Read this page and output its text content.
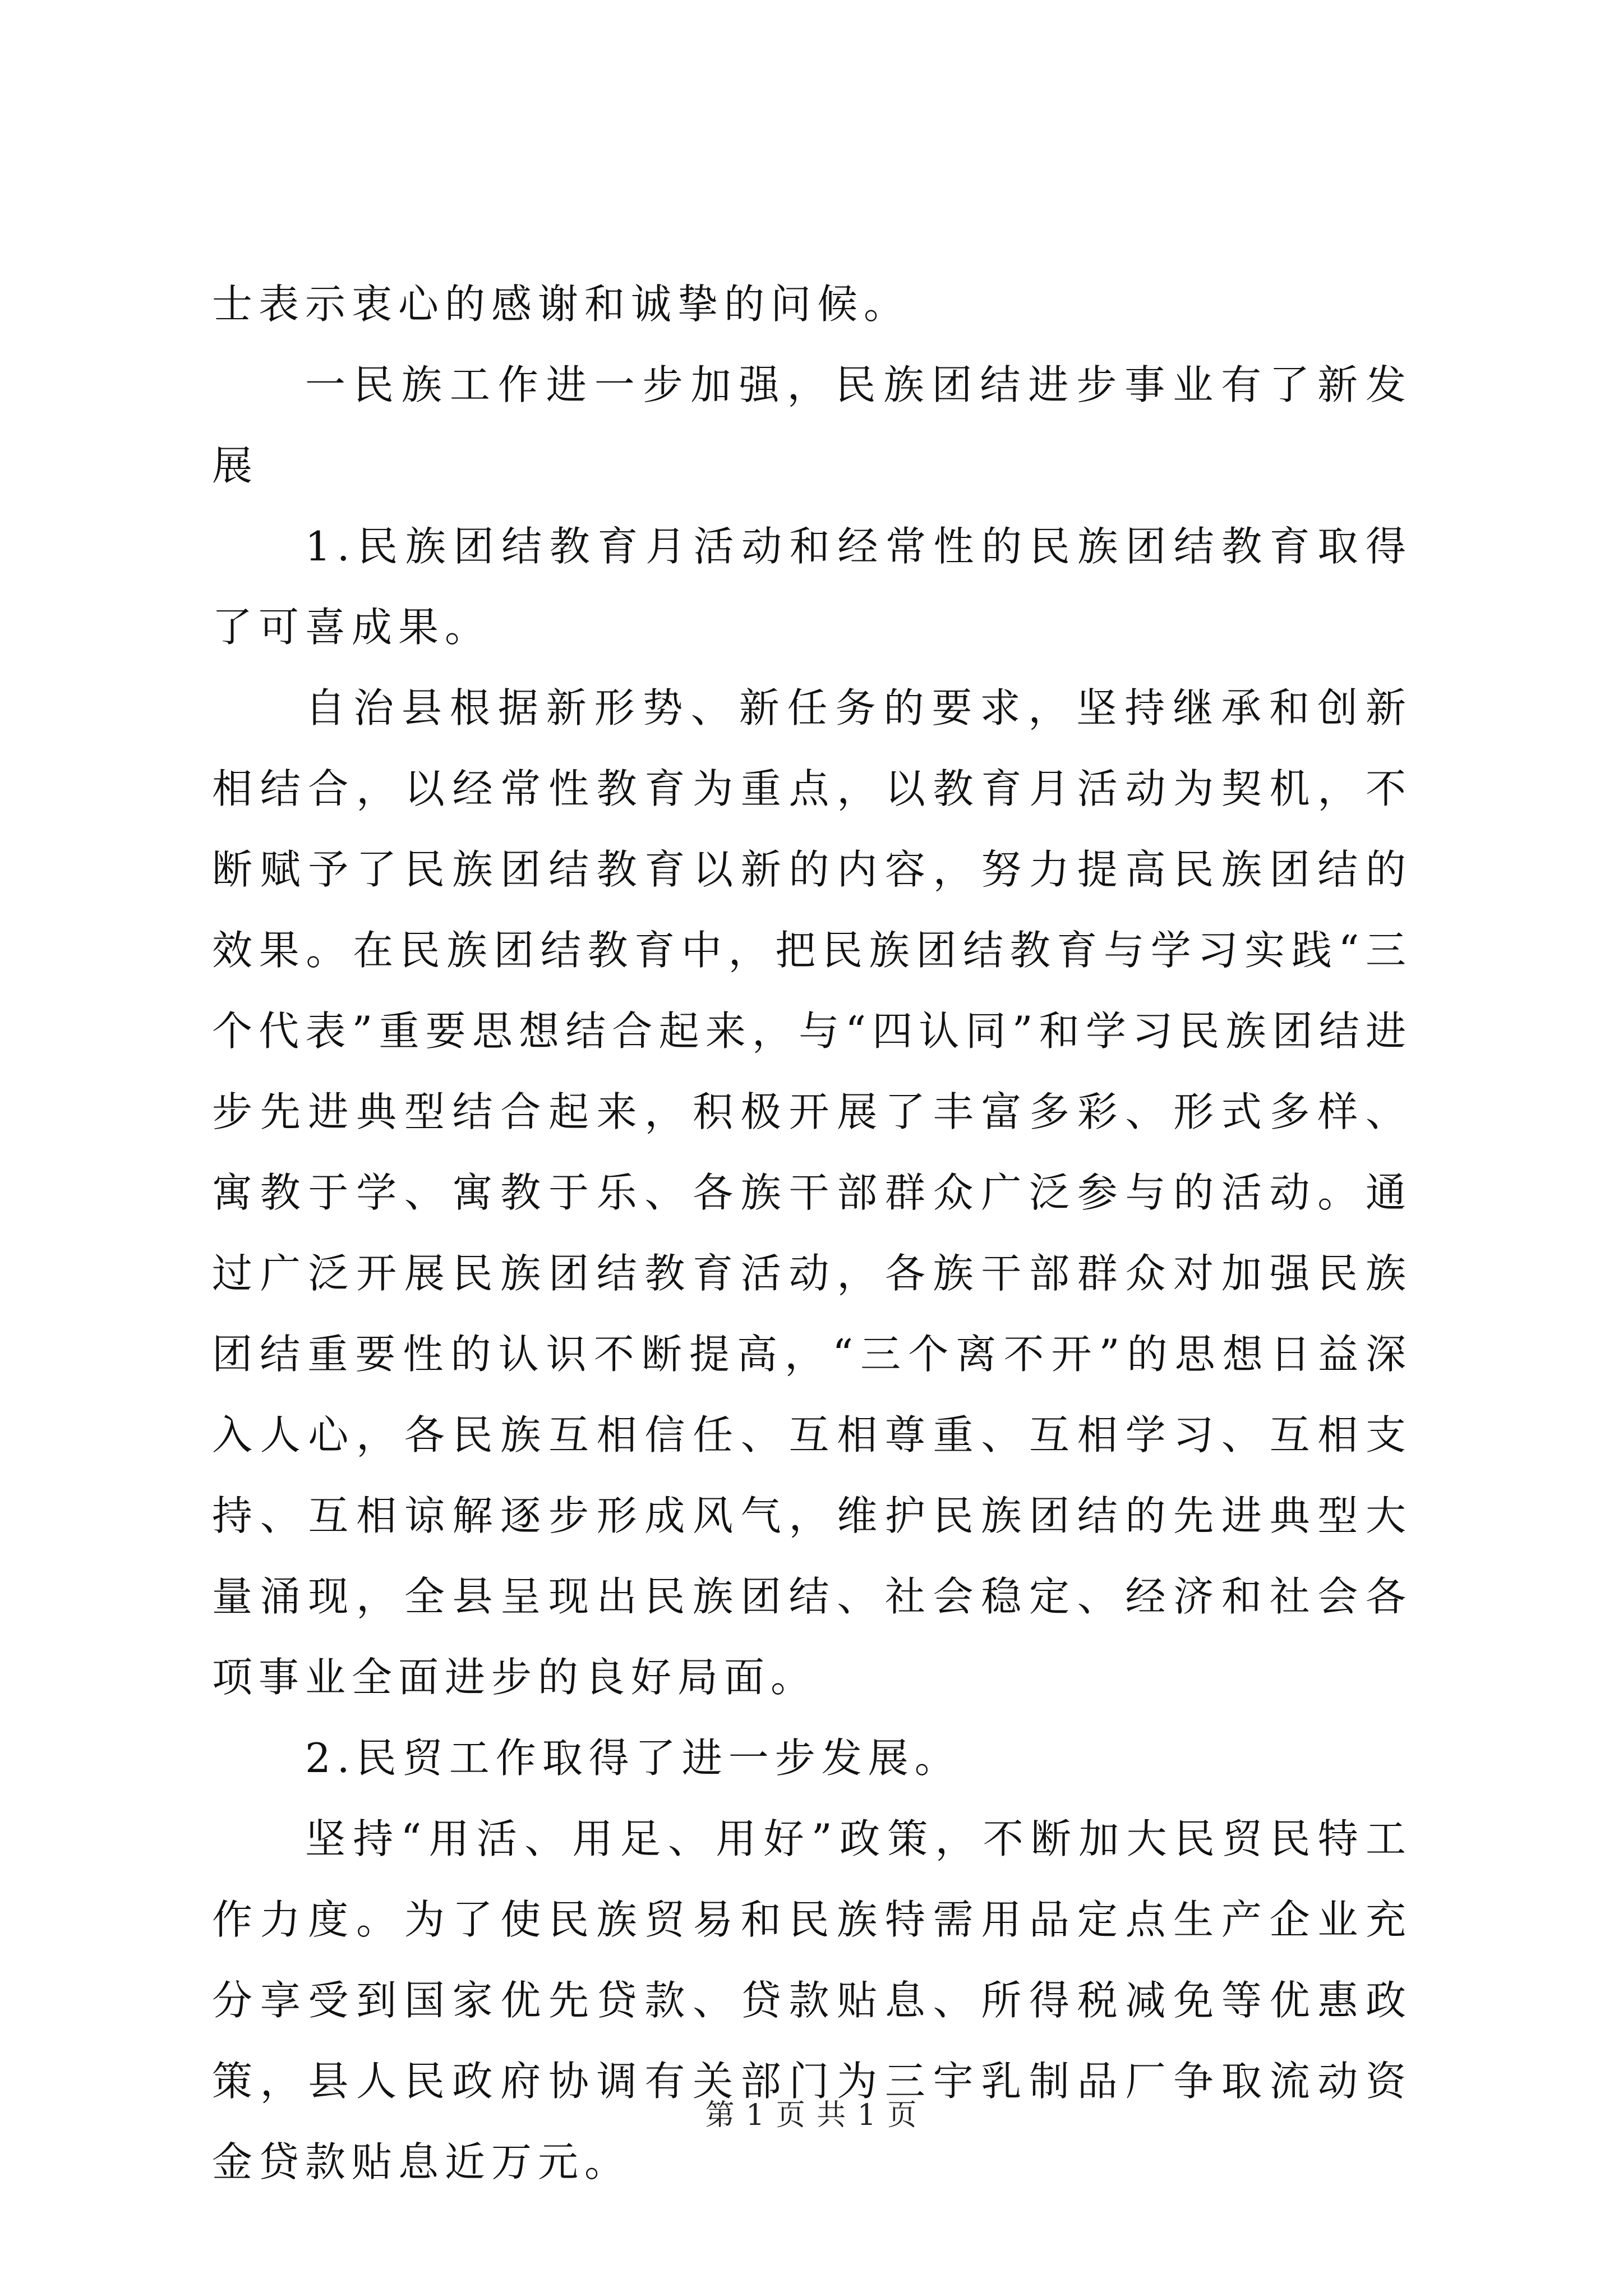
士表示衷心的感谢和诚挚的问候。

一民族工作进一步加强，民族团结进步事业有了新发展

1.民族团结教育月活动和经常性的民族团结教育取得了可喜成果。

自治县根据新形势、新任务的要求，坚持继承和创新相结合，以经常性教育为重点，以教育月活动为契机，不断赋予了民族团结教育以新的内容，努力提高民族团结的效果。在民族团结教育中，把民族团结教育与学习实践“三个代表”重要思想结合起来，与“四认同”和学习民族团结进步先进典型结合起来，积极开展了丰富多彩、形式多样、寓教于学、寓教于乐、各族干部群众广泛参与的活动。通过广泛开展民族团结教育活动，各族干部群众对加强民族团结重要性的认识不断提高，“三个离不开”的思想日益深入人心，各民族互相信任、互相尊重、互相学习、互相支持、互相谅解逐步形成风气，维护民族团结的先进典型大量涌现，全县呈现出民族团结、社会稳定、经济和社会各项事业全面进步的良好局面。

2.民贸工作取得了进一步发展。

坚持“用活、用足、用好”政策，不断加大民贸民特工作力度。为了使民族贸易和民族特需用品定点生产企业充分享受到国家优先贷款、贷款贴息、所得税减免等优惠政策，县人民政府协调有关部门为三宇乳制品厂争取流动资金贷款贴息近万元。

第 1 页 共 1 页
